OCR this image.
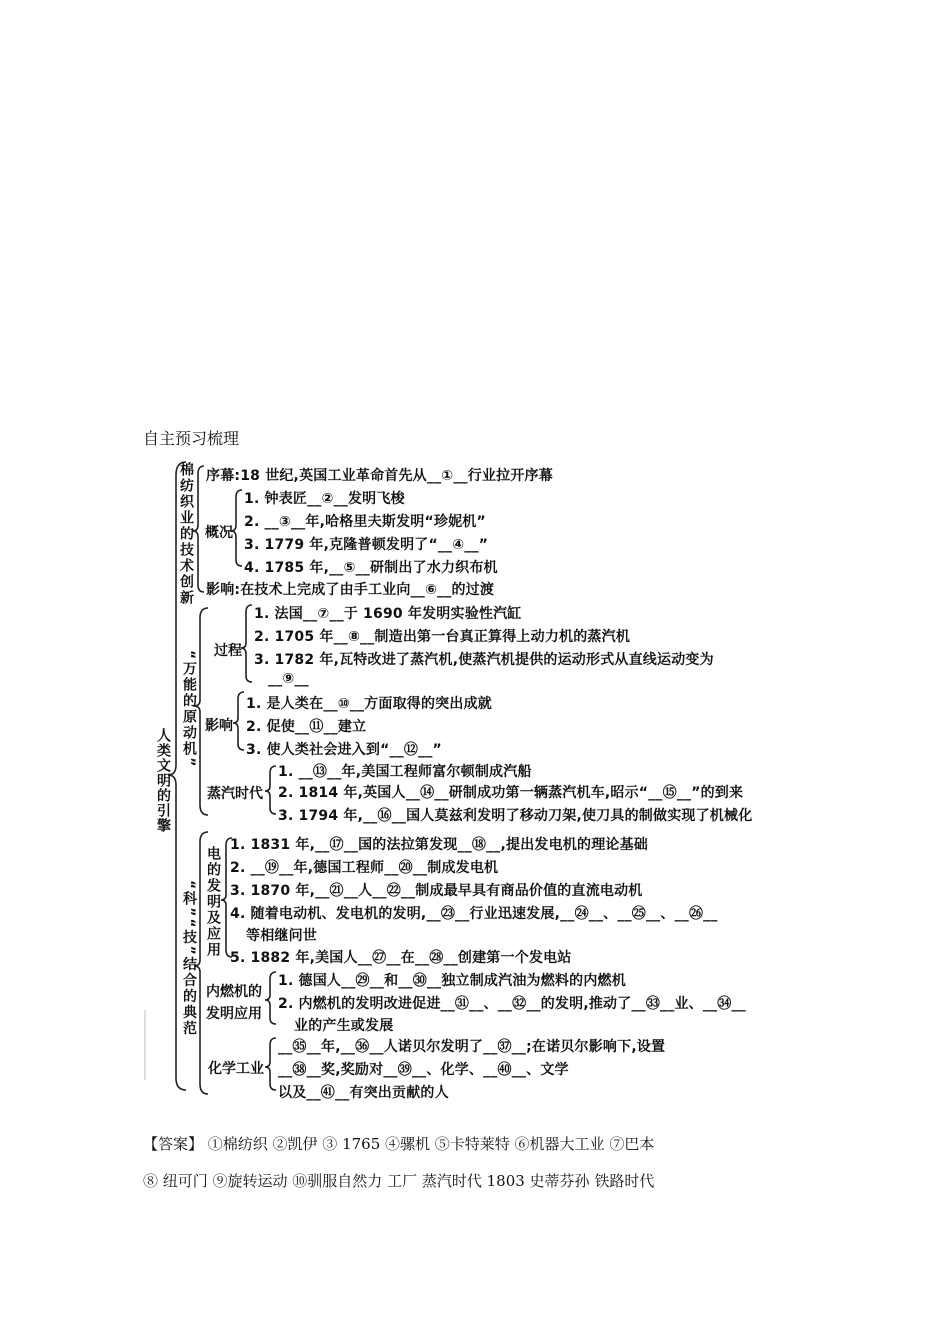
自主预习梳理
人类文明的引擎
棉纺织业的技术创新 序幕:18 世纪,英国工业革命首先从__①__行业拉开序幕
概况
1. 钟表匠__②__发明飞梭
2. __③__年,哈格里夫斯发明“珍妮机”
3. 1779 年,克隆普顿发明了“__④__”
4. 1785 年,__⑤__研制出了水力织布机
影响:在技术上完成了由手工业向__⑥__的过渡
“万能的原动机” 过程
1. 法国__⑦__于 1690 年发明实验性汽缸
2. 1705 年__⑧__制造出第一台真正算得上动力机的蒸汽机
3. 1782 年,瓦特改进了蒸汽机,使蒸汽机提供的运动形式从直线运动变为
__⑨__
影响
1. 是人类在__⑩__方面取得的突出成就
2. 促使__⑪__建立
3. 使人类社会进入到“__⑫__”
蒸汽时代
1. __⑬__年,美国工程师富尔顿制成汽船
2. 1814 年,英国人__⑭__研制成功第一辆蒸汽机车,昭示“__⑮__”的到来
3. 1794 年,__⑯__国人莫兹利发明了移动刀架,使刀具的制做实现了机械化
“科”“技”结合的典范 电的发明及应用
1. 1831 年,__⑰__国的法拉第发现__⑱__,提出发电机的理论基础
2. __⑲__年,德国工程师__⑳__制成发电机
3. 1870 年,__㉑__人__㉒__制成最早具有商品价值的直流电动机
4. 随着电动机、发电机的发明,__㉓__行业迅速发展,__㉔__、__㉕__、__㉖__
等相继问世
5. 1882 年,美国人__㉗__在__㉘__创建第一个发电站
内燃机的
发明应用
1. 德国人__㉙__和__㉚__独立制成汽油为燃料的内燃机
2. 内燃机的发明改进促进__㉛__、__㉜__的发明,推动了__㉝__业、__㉞__
业的产生或发展
化学工业
__㉟__年,__㊱__人诺贝尔发明了__㊲__;在诺贝尔影响下,设置
__㊳__奖,奖励对__㊴__、化学、__㊵__、文学
以及__㊶__有突出贡献的人
【答案】 ①棉纺织 ②凯伊 ③ 1765 ④骡机 ⑤卡特莱特 ⑥机器大工业 ⑦巴本
⑧ 纽可门 ⑨旋转运动 ⑩驯服自然力 工厂 蒸汽时代 1803 史蒂芬孙 铁路时代
